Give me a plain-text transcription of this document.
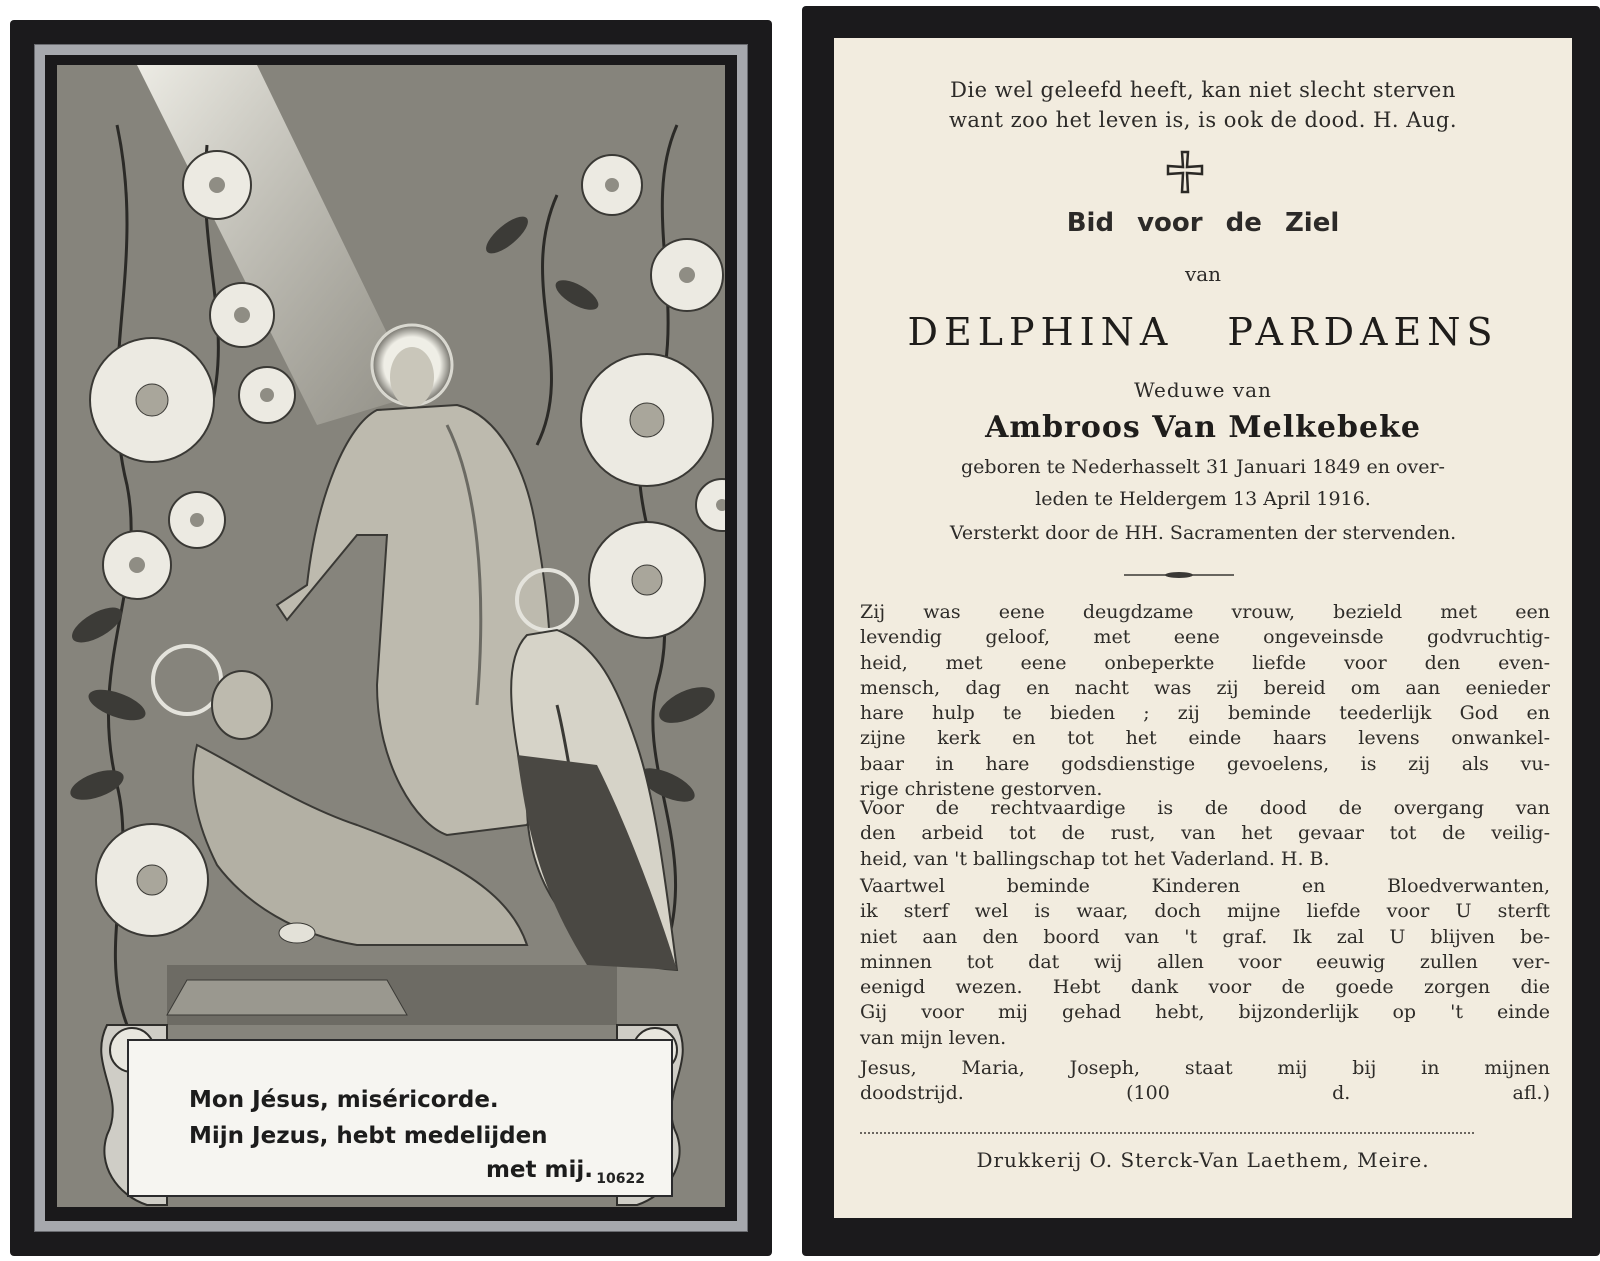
Mon Jésus, miséricorde.
Mijn Jezus, hebt medelijden
met mij. 10622
Die wel geleefd heeft, kan niet slecht sterven
want zoo het leven is, is ook de dood. H. Aug.
Bid voor de Ziel
van
DELPHINA PARDAENS
Weduwe van
Ambroos Van Melkebeke
geboren te Nederhasselt 31 Januari 1849 en over-
leden te Heldergem 13 April 1916.
Versterkt door de HH. Sacramenten der stervenden.
Zij was eene deugdzame vrouw, bezield met een
levendig geloof, met eene ongeveinsde godvruchtig-
heid, met eene onbeperkte liefde voor den even-
mensch, dag en nacht was zij bereid om aan eenieder
hare hulp te bieden ; zij beminde teederlijk God en
zijne kerk en tot het einde haars levens onwankel-
baar in hare godsdienstige gevoelens, is zij als vu-
rige christene gestorven.
Voor de rechtvaardige is de dood de overgang van
den arbeid tot de rust, van het gevaar tot de veilig-
heid, van 't ballingschap tot het Vaderland. H. B.
Vaartwel beminde Kinderen en Bloedverwanten,
ik sterf wel is waar, doch mijne liefde voor U sterft
niet aan den boord van 't graf. Ik zal U blijven be-
minnen tot dat wij allen voor eeuwig zullen ver-
eenigd wezen. Hebt dank voor de goede zorgen die
Gij voor mij gehad hebt, bijzonderlijk op 't einde
van mijn leven.
Jesus, Maria, Joseph, staat mij bij in mijnen
doodstrijd. (100 d. afl.)
Drukkerij O. Sterck-Van Laethem, Meire.
